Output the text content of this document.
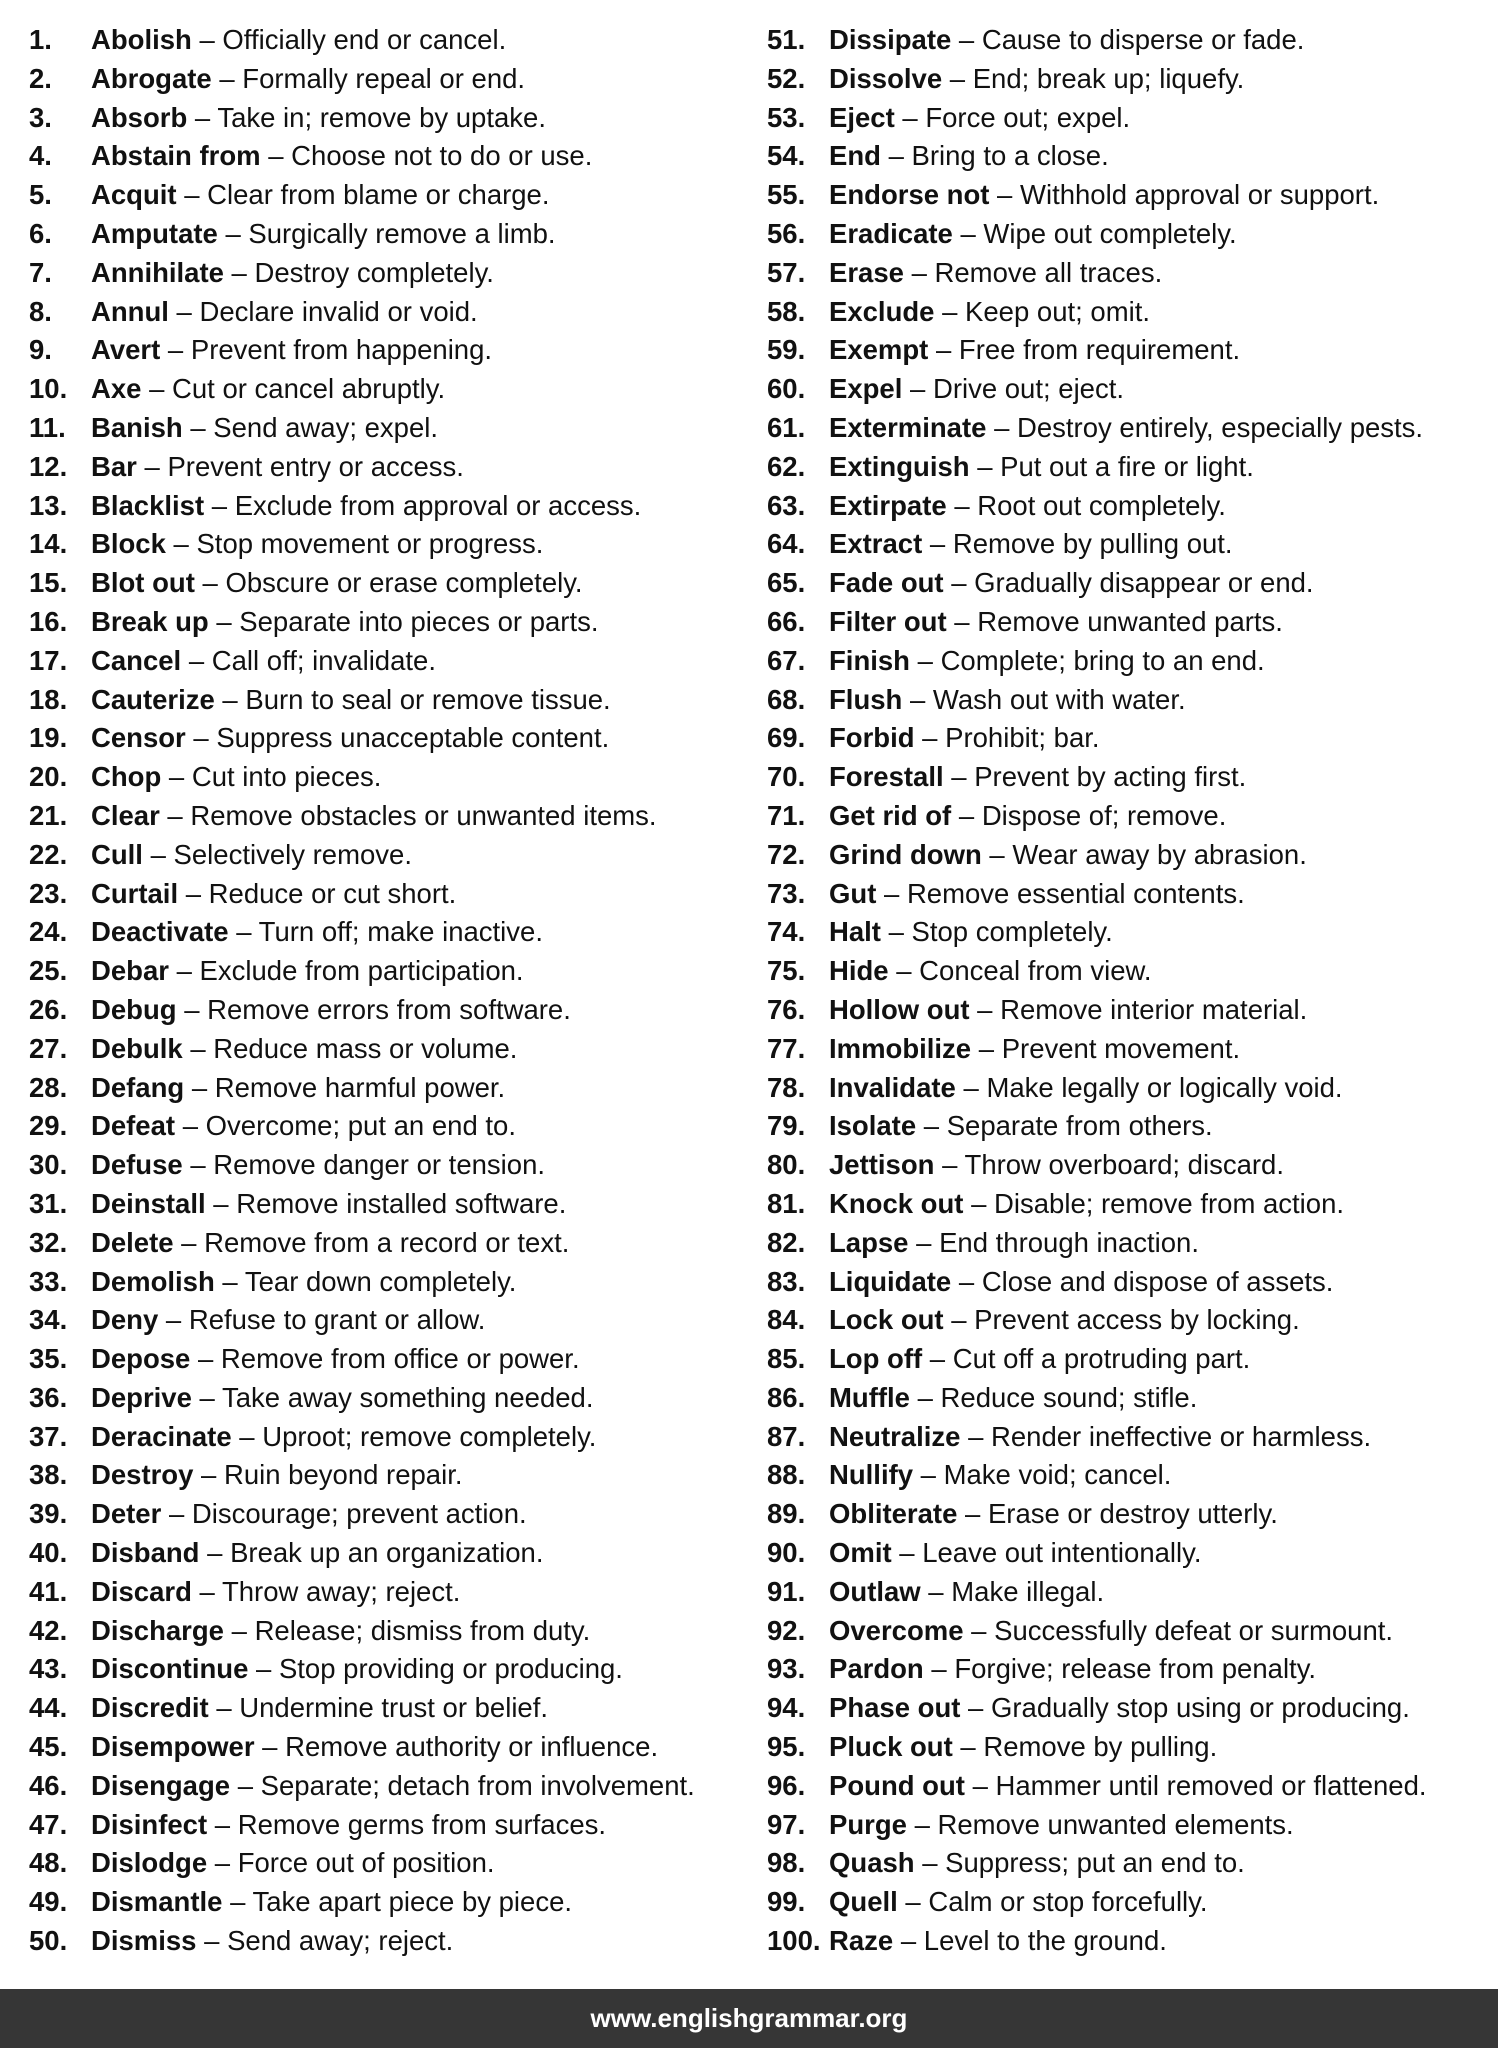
1. Abolish – Officially end or cancel.
2. Abrogate – Formally repeal or end.
3. Absorb – Take in; remove by uptake.
4. Abstain from – Choose not to do or use.
5. Acquit – Clear from blame or charge.
6. Amputate – Surgically remove a limb.
7. Annihilate – Destroy completely.
8. Annul – Declare invalid or void.
9. Avert – Prevent from happening.
10. Axe – Cut or cancel abruptly.
11. Banish – Send away; expel.
12. Bar – Prevent entry or access.
13. Blacklist – Exclude from approval or access.
14. Block – Stop movement or progress.
15. Blot out – Obscure or erase completely.
16. Break up – Separate into pieces or parts.
17. Cancel – Call off; invalidate.
18. Cauterize – Burn to seal or remove tissue.
19. Censor – Suppress unacceptable content.
20. Chop – Cut into pieces.
21. Clear – Remove obstacles or unwanted items.
22. Cull – Selectively remove.
23. Curtail – Reduce or cut short.
24. Deactivate – Turn off; make inactive.
25. Debar – Exclude from participation.
26. Debug – Remove errors from software.
27. Debulk – Reduce mass or volume.
28. Defang – Remove harmful power.
29. Defeat – Overcome; put an end to.
30. Defuse – Remove danger or tension.
31. Deinstall – Remove installed software.
32. Delete – Remove from a record or text.
33. Demolish – Tear down completely.
34. Deny – Refuse to grant or allow.
35. Depose – Remove from office or power.
36. Deprive – Take away something needed.
37. Deracinate – Uproot; remove completely.
38. Destroy – Ruin beyond repair.
39. Deter – Discourage; prevent action.
40. Disband – Break up an organization.
41. Discard – Throw away; reject.
42. Discharge – Release; dismiss from duty.
43. Discontinue – Stop providing or producing.
44. Discredit – Undermine trust or belief.
45. Disempower – Remove authority or influence.
46. Disengage – Separate; detach from involvement.
47. Disinfect – Remove germs from surfaces.
48. Dislodge – Force out of position.
49. Dismantle – Take apart piece by piece.
50. Dismiss – Send away; reject.
51. Dissipate – Cause to disperse or fade.
52. Dissolve – End; break up; liquefy.
53. Eject – Force out; expel.
54. End – Bring to a close.
55. Endorse not – Withhold approval or support.
56. Eradicate – Wipe out completely.
57. Erase – Remove all traces.
58. Exclude – Keep out; omit.
59. Exempt – Free from requirement.
60. Expel – Drive out; eject.
61. Exterminate – Destroy entirely, especially pests.
62. Extinguish – Put out a fire or light.
63. Extirpate – Root out completely.
64. Extract – Remove by pulling out.
65. Fade out – Gradually disappear or end.
66. Filter out – Remove unwanted parts.
67. Finish – Complete; bring to an end.
68. Flush – Wash out with water.
69. Forbid – Prohibit; bar.
70. Forestall – Prevent by acting first.
71. Get rid of – Dispose of; remove.
72. Grind down – Wear away by abrasion.
73. Gut – Remove essential contents.
74. Halt – Stop completely.
75. Hide – Conceal from view.
76. Hollow out – Remove interior material.
77. Immobilize – Prevent movement.
78. Invalidate – Make legally or logically void.
79. Isolate – Separate from others.
80. Jettison – Throw overboard; discard.
81. Knock out – Disable; remove from action.
82. Lapse – End through inaction.
83. Liquidate – Close and dispose of assets.
84. Lock out – Prevent access by locking.
85. Lop off – Cut off a protruding part.
86. Muffle – Reduce sound; stifle.
87. Neutralize – Render ineffective or harmless.
88. Nullify – Make void; cancel.
89. Obliterate – Erase or destroy utterly.
90. Omit – Leave out intentionally.
91. Outlaw – Make illegal.
92. Overcome – Successfully defeat or surmount.
93. Pardon – Forgive; release from penalty.
94. Phase out – Gradually stop using or producing.
95. Pluck out – Remove by pulling.
96. Pound out – Hammer until removed or flattened.
97. Purge – Remove unwanted elements.
98. Quash – Suppress; put an end to.
99. Quell – Calm or stop forcefully.
100. Raze – Level to the ground.
www.englishgrammar.org
